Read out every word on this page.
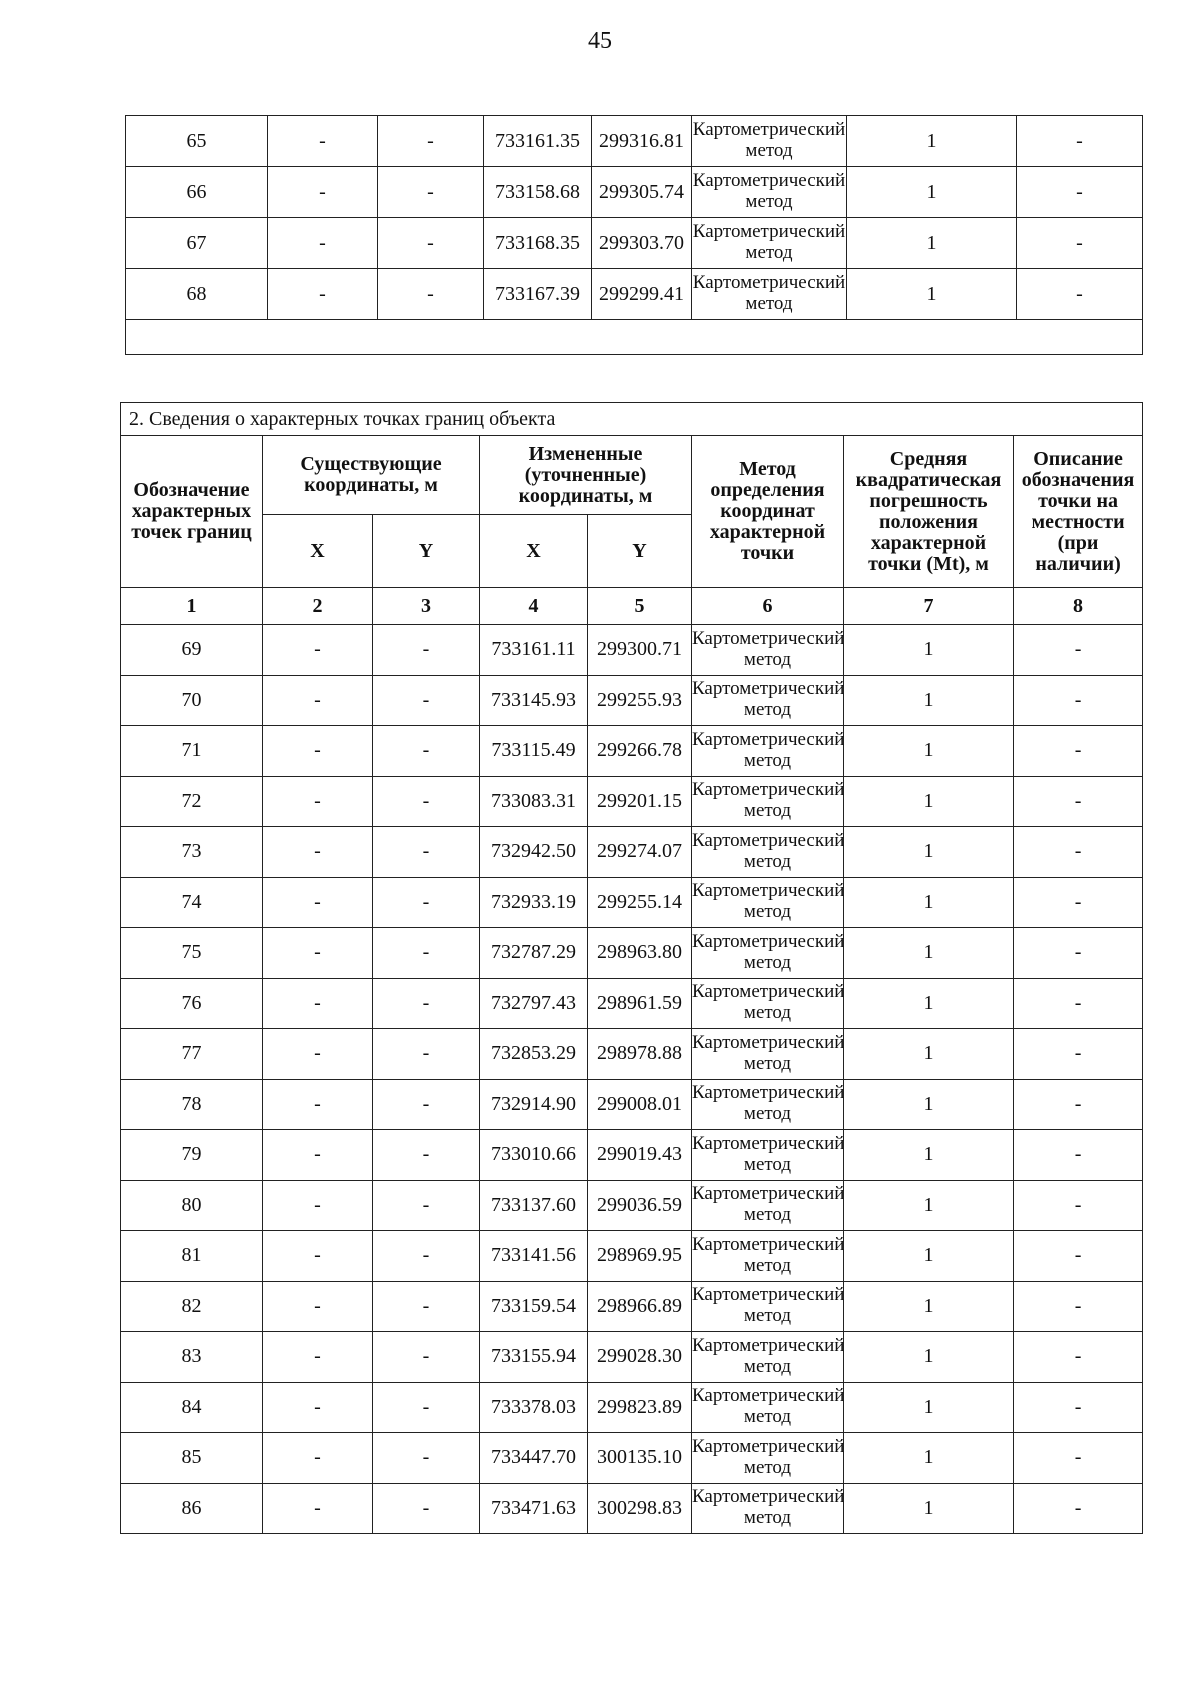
45
65	-	-	733161.35	299316.81	Картометрический метод	1	-
66	-	-	733158.68	299305.74	Картометрический метод	1	-
67	-	-	733168.35	299303.70	Картометрический метод	1	-
68	-	-	733167.39	299299.41	Картометрический метод	1	-

2. Сведения о характерных точках границ объекта							
Обозначение характерных точек границ	Существующие координаты, м		Измененные (уточненные) координаты, м		Метод определения координат характерной точки	Средняя квадратическая погрешность положения характерной точки (Mt), м	Описание обозначения точки на местности (при наличии)
	X	Y	X	Y			
1	2	3	4	5	6	7	8
69	-	-	733161.11	299300.71	Картометрический метод	1	-
70	-	-	733145.93	299255.93	Картометрический метод	1	-
71	-	-	733115.49	299266.78	Картометрический метод	1	-
72	-	-	733083.31	299201.15	Картометрический метод	1	-
73	-	-	732942.50	299274.07	Картометрический метод	1	-
74	-	-	732933.19	299255.14	Картометрический метод	1	-
75	-	-	732787.29	298963.80	Картометрический метод	1	-
76	-	-	732797.43	298961.59	Картометрический метод	1	-
77	-	-	732853.29	298978.88	Картометрический метод	1	-
78	-	-	732914.90	299008.01	Картометрический метод	1	-
79	-	-	733010.66	299019.43	Картометрический метод	1	-
80	-	-	733137.60	299036.59	Картометрический метод	1	-
81	-	-	733141.56	298969.95	Картометрический метод	1	-
82	-	-	733159.54	298966.89	Картометрический метод	1	-
83	-	-	733155.94	299028.30	Картометрический метод	1	-
84	-	-	733378.03	299823.89	Картометрический метод	1	-
85	-	-	733447.70	300135.10	Картометрический метод	1	-
86	-	-	733471.63	300298.83	Картометрический метод	1	-
